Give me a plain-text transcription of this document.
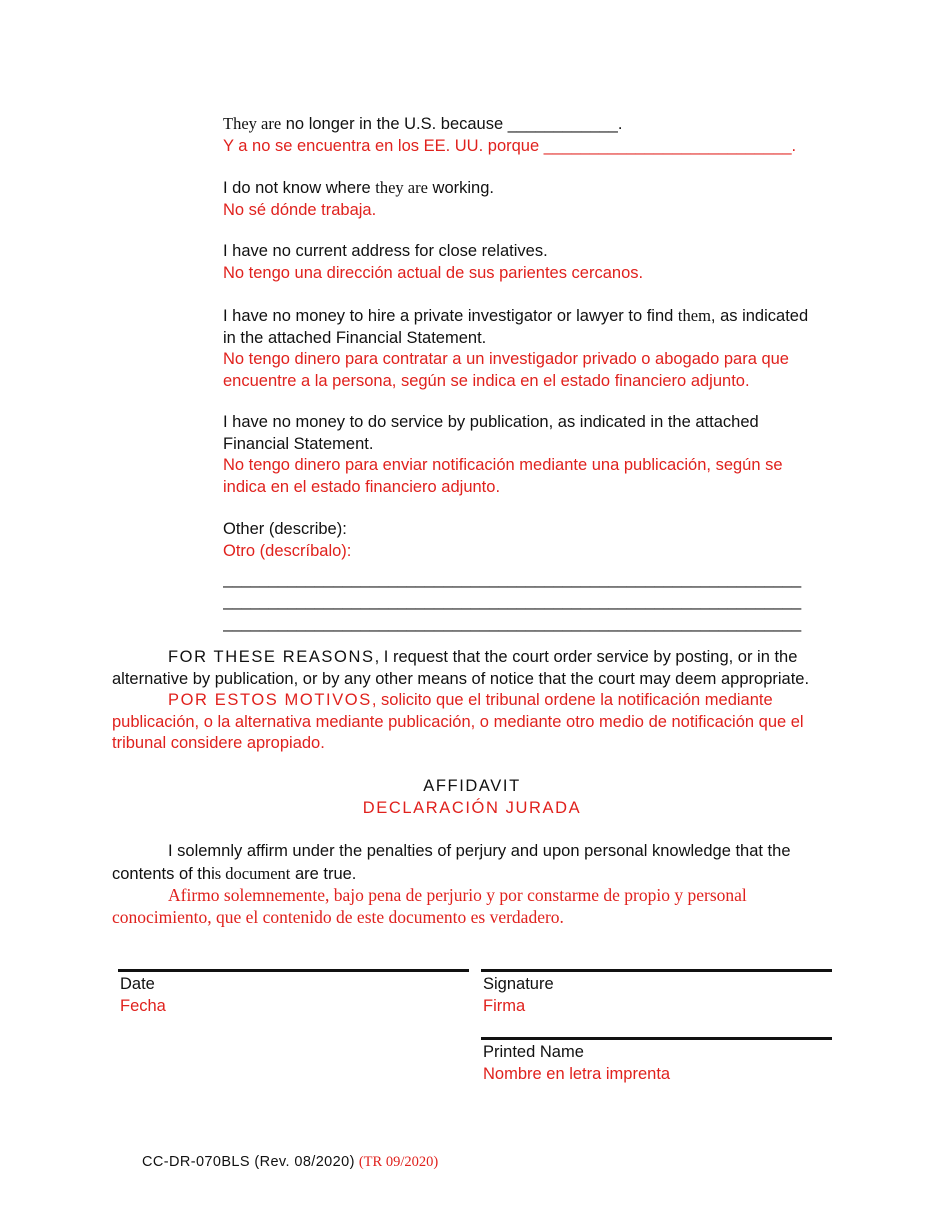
They are no longer in the U.S. because ____________.
Y a no se encuentra en los EE. UU. porque ___________________________.
I do not know where they are working.
No sé dónde trabaja.
I have no current address for close relatives.
No tengo una dirección actual de sus parientes cercanos.
I have no money to hire a private investigator or lawyer to find them, as indicated in the attached Financial Statement.
No tengo dinero para contratar a un investigador privado o abogado para que encuentre a la persona, según se indica en el estado financiero adjunto.
I have no money to do service by publication, as indicated in the attached Financial Statement.
No tengo dinero para enviar notificación mediante una publicación, según se indica en el estado financiero adjunto.
Other (describe):
Otro (descríbalo):
_______________________________________________________________
_______________________________________________________________
_______________________________________________________________
FOR THESE REASONS, I request that the court order service by posting, or in the alternative by publication, or by any other means of notice that the court may deem appropriate.
POR ESTOS MOTIVOS, solicito que el tribunal ordene la notificación mediante publicación, o la alternativa mediante publicación, o mediante otro medio de notificación que el tribunal considere apropiado.
AFFIDAVIT
DECLARACIÓN JURADA
I solemnly affirm under the penalties of perjury and upon personal knowledge that the contents of this document are true.
Afirmo solemnemente, bajo pena de perjurio y por constarme de propio y personal conocimiento, que el contenido de este documento es verdadero.
Date
Fecha
Signature
Firma
Printed Name
Nombre en letra imprenta
CC-DR-070BLS (Rev. 08/2020) (TR 09/2020)
